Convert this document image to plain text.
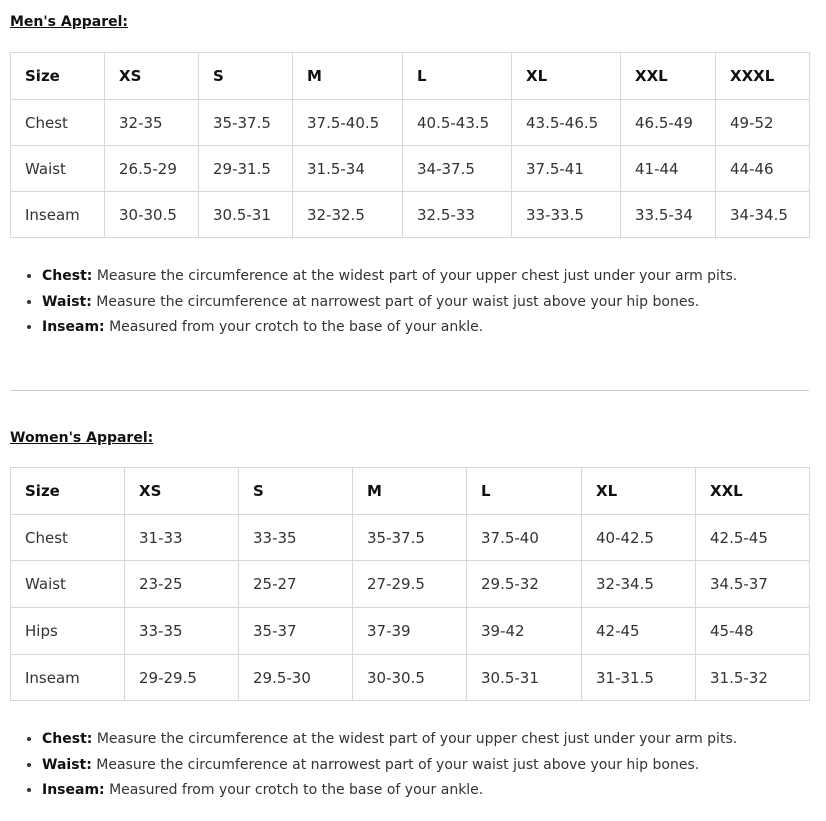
Men's Apparel:
Size	XS	S	M	L	XL	XXL	XXXL
Chest	32-35	35-37.5	37.5-40.5	40.5-43.5	43.5-46.5	46.5-49	49-52
Waist	26.5-29	29-31.5	31.5-34	34-37.5	37.5-41	41-44	44-46
Inseam	30-30.5	30.5-31	32-32.5	32.5-33	33-33.5	33.5-34	34-34.5
• Chest: Measure the circumference at the widest part of your upper chest just under your arm pits.
• Waist: Measure the circumference at narrowest part of your waist just above your hip bones.
• Inseam: Measured from your crotch to the base of your ankle.
Women's Apparel:
Size	XS	S	M	L	XL	XXL
Chest	31-33	33-35	35-37.5	37.5-40	40-42.5	42.5-45
Waist	23-25	25-27	27-29.5	29.5-32	32-34.5	34.5-37
Hips	33-35	35-37	37-39	39-42	42-45	45-48
Inseam	29-29.5	29.5-30	30-30.5	30.5-31	31-31.5	31.5-32
• Chest: Measure the circumference at the widest part of your upper chest just under your arm pits.
• Waist: Measure the circumference at narrowest part of your waist just above your hip bones.
• Inseam: Measured from your crotch to the base of your ankle.
